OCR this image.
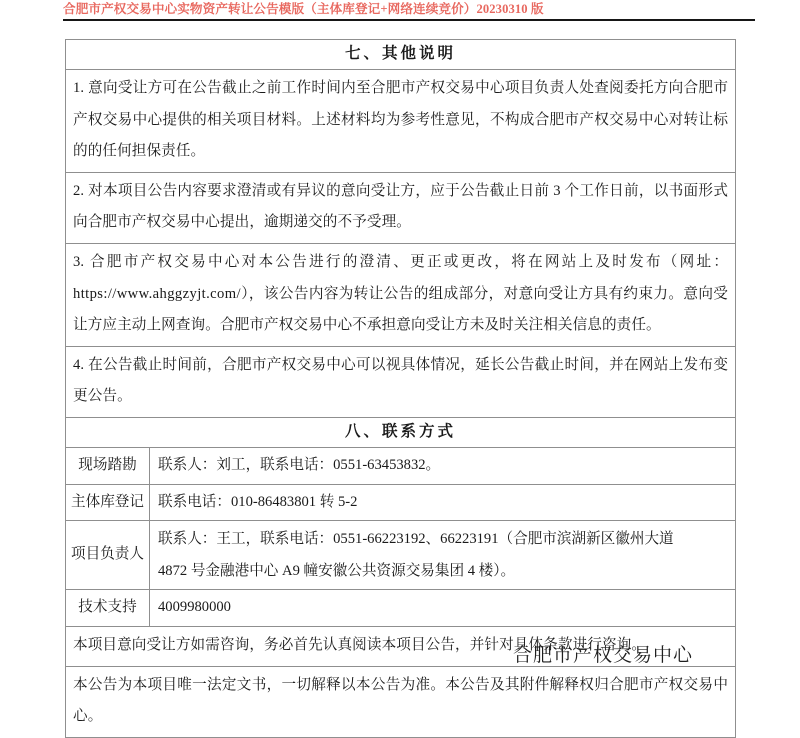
合肥市产权交易中心实物资产转让公告模版（主体库登记+网络连续竞价）20230310 版
七、其他说明	

1. 意向受让方可在公告截止之前工作时间内至合肥市产权交易中心项目负责人处查阅委托方向合肥市产权交易中心提供的相关项目材料。上述材料均为参考性意见，不构成合肥市产权交易中心对转让标的的任何担保责任。	

2. 对本项目公告内容要求澄清或有异议的意向受让方，应于公告截止日前 3 个工作日前，以书面形式向合肥市产权交易中心提出，逾期递交的不予受理。	

3. 合肥市产权交易中心对本公告进行的澄清、更正或更改，将在网站上及时发布（网址：https://www.ahggzyjt.com/），该公告内容为转让公告的组成部分，对意向受让方具有约束力。意向受让方应主动上网查询。合肥市产权交易中心不承担意向受让方未及时关注相关信息的责任。	

4. 在公告截止时间前，合肥市产权交易中心可以视具体情况，延长公告截止时间，并在网站上发布变更公告。	

八、联系方式	

现场踏勘	联系人：刘工，联系电话：0551-63453832。

主体库登记	联系电话：010-86483801 转 5-2

项目负责人	联系人：王工，联系电话：0551-66223192、66223191（合肥市滨湖新区徽州大道
4872 号金融港中心 A9 幢安徽公共资源交易集团 4 楼）。

技术支持	4009980000

本项目意向受让方如需咨询，务必首先认真阅读本项目公告，并针对具体条款进行咨询。	

本公告为本项目唯一法定文书，一切解释以本公告为准。本公告及其附件解释权归合肥市产权交易中心。	

合肥市产权交易中心
